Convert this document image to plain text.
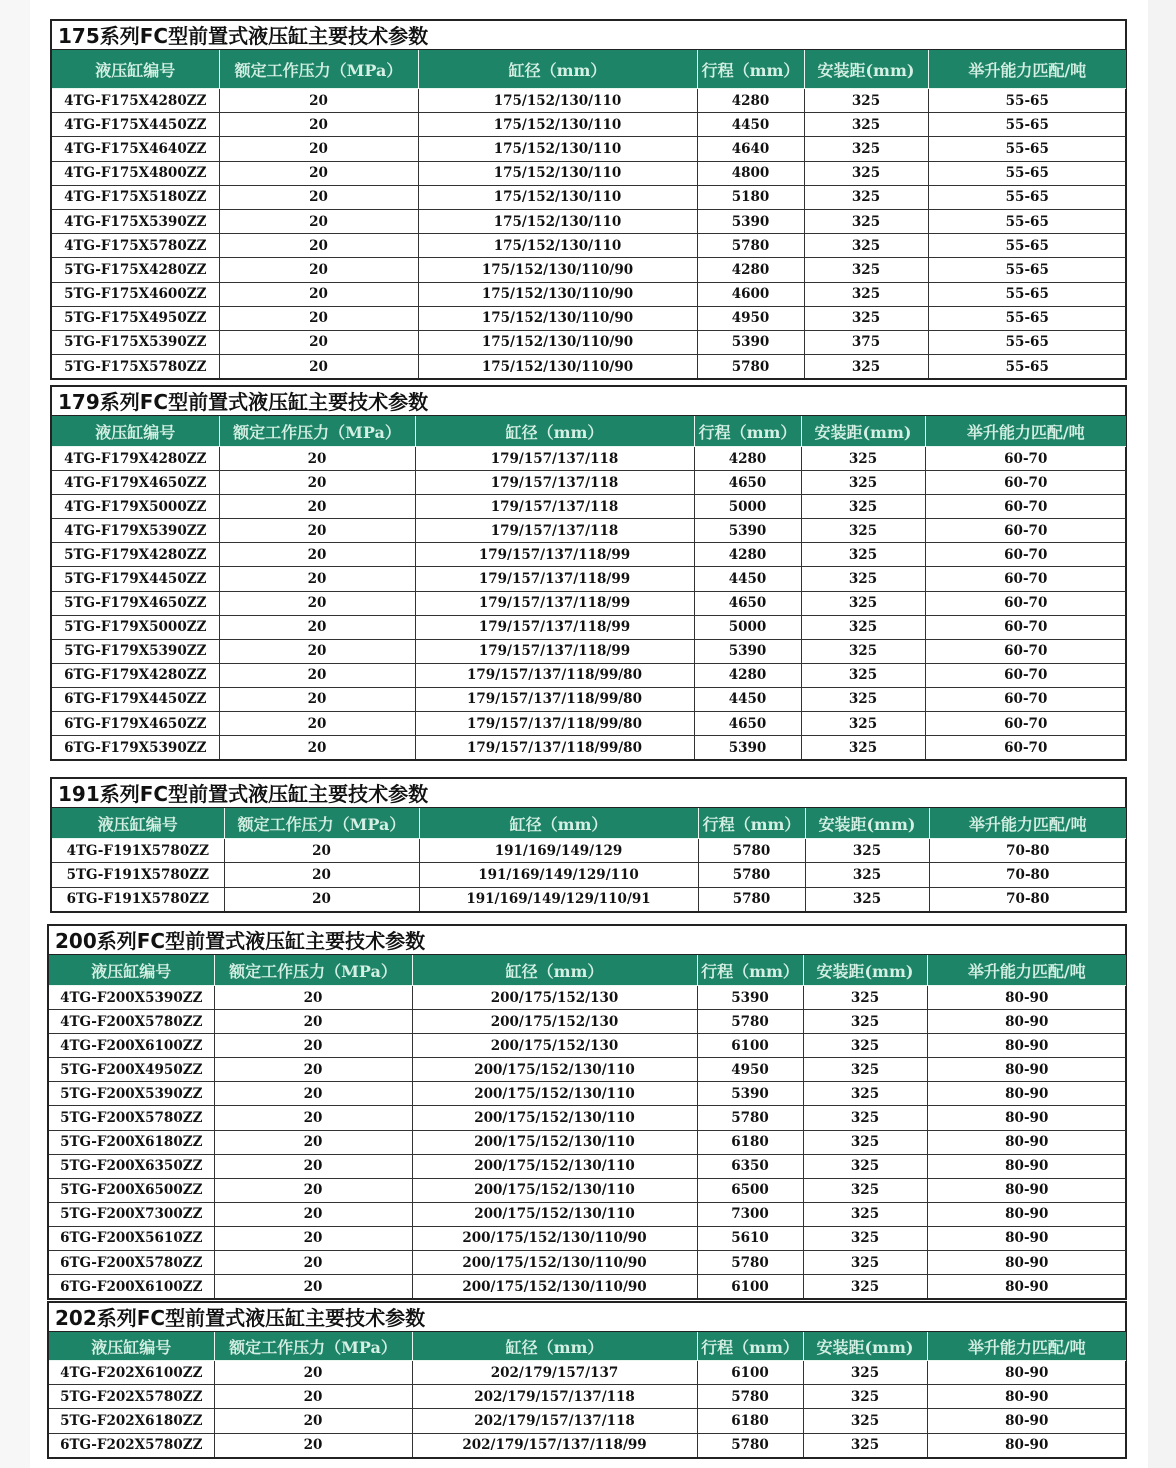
175系列FC型前置式液压缸主要技术参数
液压缸编号	额定工作压力（MPa）	缸径（mm）	行程（mm）	安装距(mm)	举升能力匹配/吨
4TG-F175X4280ZZ	20	175/152/130/110	4280	325	55-65
4TG-F175X4450ZZ	20	175/152/130/110	4450	325	55-65
4TG-F175X4640ZZ	20	175/152/130/110	4640	325	55-65
4TG-F175X4800ZZ	20	175/152/130/110	4800	325	55-65
4TG-F175X5180ZZ	20	175/152/130/110	5180	325	55-65
4TG-F175X5390ZZ	20	175/152/130/110	5390	325	55-65
4TG-F175X5780ZZ	20	175/152/130/110	5780	325	55-65
5TG-F175X4280ZZ	20	175/152/130/110/90	4280	325	55-65
5TG-F175X4600ZZ	20	175/152/130/110/90	4600	325	55-65
5TG-F175X4950ZZ	20	175/152/130/110/90	4950	325	55-65
5TG-F175X5390ZZ	20	175/152/130/110/90	5390	375	55-65
5TG-F175X5780ZZ	20	175/152/130/110/90	5780	325	55-65
179系列FC型前置式液压缸主要技术参数
液压缸编号	额定工作压力（MPa）	缸径（mm）	行程（mm）	安装距(mm)	举升能力匹配/吨
4TG-F179X4280ZZ	20	179/157/137/118	4280	325	60-70
4TG-F179X4650ZZ	20	179/157/137/118	4650	325	60-70
4TG-F179X5000ZZ	20	179/157/137/118	5000	325	60-70
4TG-F179X5390ZZ	20	179/157/137/118	5390	325	60-70
5TG-F179X4280ZZ	20	179/157/137/118/99	4280	325	60-70
5TG-F179X4450ZZ	20	179/157/137/118/99	4450	325	60-70
5TG-F179X4650ZZ	20	179/157/137/118/99	4650	325	60-70
5TG-F179X5000ZZ	20	179/157/137/118/99	5000	325	60-70
5TG-F179X5390ZZ	20	179/157/137/118/99	5390	325	60-70
6TG-F179X4280ZZ	20	179/157/137/118/99/80	4280	325	60-70
6TG-F179X4450ZZ	20	179/157/137/118/99/80	4450	325	60-70
6TG-F179X4650ZZ	20	179/157/137/118/99/80	4650	325	60-70
6TG-F179X5390ZZ	20	179/157/137/118/99/80	5390	325	60-70
191系列FC型前置式液压缸主要技术参数
液压缸编号	额定工作压力（MPa）	缸径（mm）	行程（mm）	安装距(mm)	举升能力匹配/吨
4TG-F191X5780ZZ	20	191/169/149/129	5780	325	70-80
5TG-F191X5780ZZ	20	191/169/149/129/110	5780	325	70-80
6TG-F191X5780ZZ	20	191/169/149/129/110/91	5780	325	70-80
200系列FC型前置式液压缸主要技术参数
液压缸编号	额定工作压力（MPa）	缸径（mm）	行程（mm）	安装距(mm)	举升能力匹配/吨
4TG-F200X5390ZZ	20	200/175/152/130	5390	325	80-90
4TG-F200X5780ZZ	20	200/175/152/130	5780	325	80-90
4TG-F200X6100ZZ	20	200/175/152/130	6100	325	80-90
5TG-F200X4950ZZ	20	200/175/152/130/110	4950	325	80-90
5TG-F200X5390ZZ	20	200/175/152/130/110	5390	325	80-90
5TG-F200X5780ZZ	20	200/175/152/130/110	5780	325	80-90
5TG-F200X6180ZZ	20	200/175/152/130/110	6180	325	80-90
5TG-F200X6350ZZ	20	200/175/152/130/110	6350	325	80-90
5TG-F200X6500ZZ	20	200/175/152/130/110	6500	325	80-90
5TG-F200X7300ZZ	20	200/175/152/130/110	7300	325	80-90
6TG-F200X5610ZZ	20	200/175/152/130/110/90	5610	325	80-90
6TG-F200X5780ZZ	20	200/175/152/130/110/90	5780	325	80-90
6TG-F200X6100ZZ	20	200/175/152/130/110/90	6100	325	80-90
202系列FC型前置式液压缸主要技术参数
液压缸编号	额定工作压力（MPa）	缸径（mm）	行程（mm）	安装距(mm)	举升能力匹配/吨
4TG-F202X6100ZZ	20	202/179/157/137	6100	325	80-90
5TG-F202X5780ZZ	20	202/179/157/137/118	5780	325	80-90
5TG-F202X6180ZZ	20	202/179/157/137/118	6180	325	80-90
6TG-F202X5780ZZ	20	202/179/157/137/118/99	5780	325	80-90
